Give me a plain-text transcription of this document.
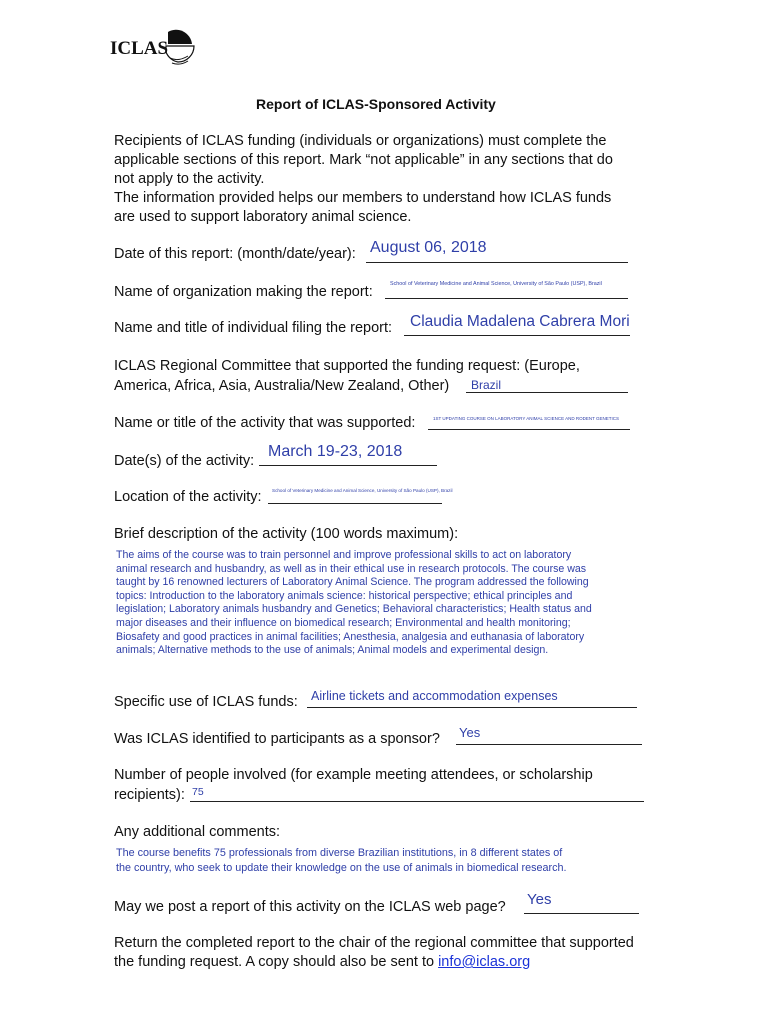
ICLAS
Report of ICLAS-Sponsored Activity
Recipients of ICLAS funding (individuals or organizations) must complete the
applicable sections of this report. Mark “not applicable” in any sections that do
not apply to the activity.
The information provided helps our members to understand how ICLAS funds
are used to support laboratory animal science.
Date of this report: (month/date/year): August 06, 2018
Name of organization making the report:	School of Veterinary Medicine and Animal Science, University of São Paulo (USP), Brazil
Name and title of individual filing the report: Claudia Madalena Cabrera Mori
ICLAS Regional Committee that supported the funding request: (Europe,
America, Africa, Asia, Australia/New Zealand, Other) Brazil
Name or title of the activity that was supported:	1ST UPDATING COURSE ON LABORATORY ANIMAL SCIENCE AND RODENT GENETICS
Date(s) of the activity:
March 19-23, 2018
Location of the activity: School of Veterinary Medicine and Animal Science, University of São Paulo (USP), Brazil
Brief description of the activity (100 words maximum):
The aims of the course was to train personnel and improve professional skills to act on laboratory
animal research and husbandry, as well as in their ethical use in research protocols. The course was
taught by 16 renowned lecturers of Laboratory Animal Science. The program addressed the following
topics: Introduction to the laboratory animals science: historical perspective; ethical principles and
legislation; Laboratory animals husbandry and Genetics; Behavioral characteristics; Health status and
major diseases and their influence on biomedical research; Environmental and health monitoring;
Biosafety and good practices in animal facilities; Anesthesia, analgesia and euthanasia of laboratory
animals; Alternative methods to the use of animals; Animal models and experimental design.
Specific use of ICLAS funds: Airline tickets and accommodation expenses
Was ICLAS identified to participants as a sponsor? Yes
Number of people involved (for example meeting attendees, or scholarship
recipients): 75
Any additional comments:
The course benefits 75 professionals from diverse Brazilian institutions, in 8 different states of
the country, who seek to update their knowledge on the use of animals in biomedical research.
May we post a report of this activity on the ICLAS web page? Yes
Return the completed report to the chair of the regional committee that supported
the funding request. A copy should also be sent to info@iclas.org
